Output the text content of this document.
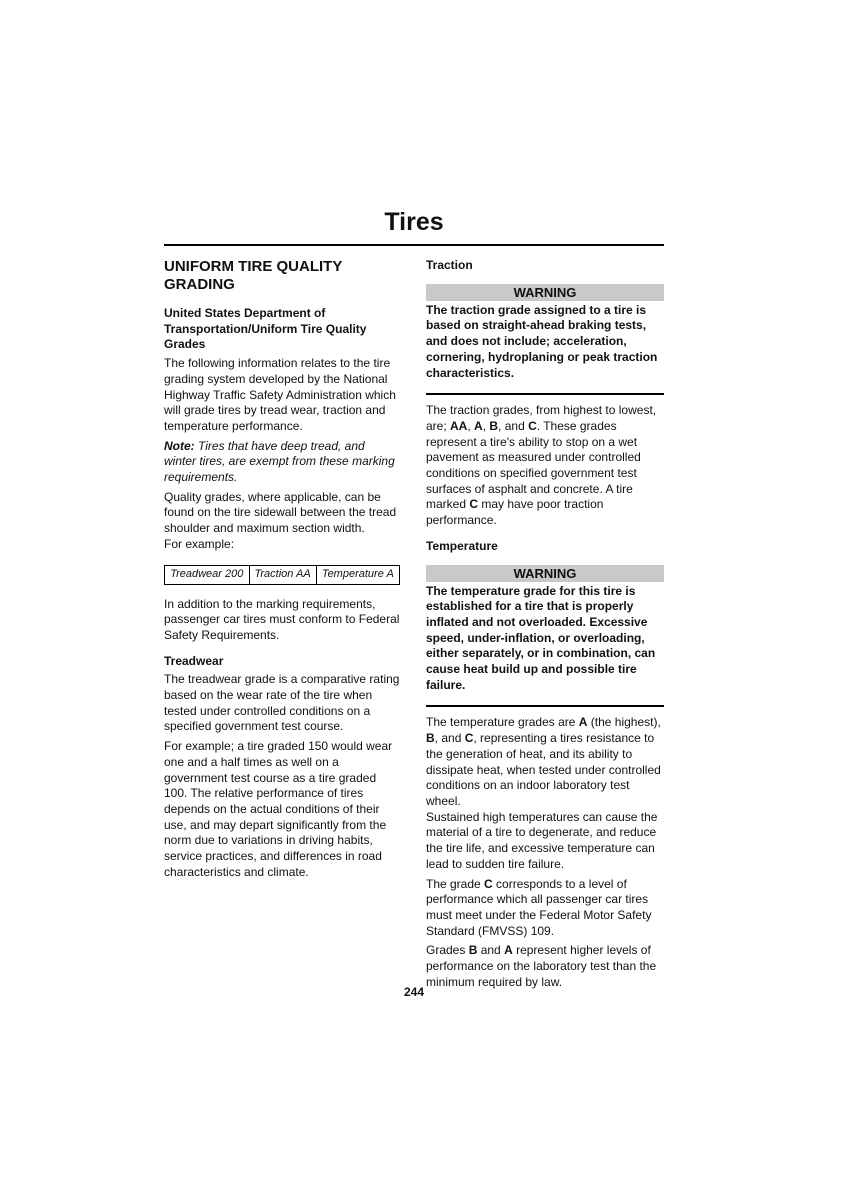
Tires
UNIFORM TIRE QUALITY GRADING
United States Department of Transportation/Uniform Tire Quality Grades

The following information relates to the tire grading system developed by the National Highway Traffic Safety Administration which will grade tires by tread wear, traction and temperature performance.

Note: Tires that have deep tread, and winter tires, are exempt from these marking requirements.

Quality grades, where applicable, can be found on the tire sidewall between the tread shoulder and maximum section width.

For example:

Treadwear 200	Traction AA	Temperature A

In addition to the marking requirements, passenger car tires must conform to Federal Safety Requirements.

Treadwear

The treadwear grade is a comparative rating based on the wear rate of the tire when tested under controlled conditions on a specified government test course.

For example; a tire graded 150 would wear one and a half times as well on a government test course as a tire graded 100. The relative performance of tires depends on the actual conditions of their use, and may depart significantly from the norm due to variations in driving habits, service practices, and differences in road characteristics and climate.

Traction
WARNING
The traction grade assigned to a tire is based on straight-ahead braking tests, and does not include; acceleration, cornering, hydroplaning or peak traction characteristics.

The traction grades, from highest to lowest, are; AA, A, B, and C. These grades represent a tire's ability to stop on a wet pavement as measured under controlled conditions on specified government test surfaces of asphalt and concrete. A tire marked C may have poor traction performance.

Temperature
WARNING
The temperature grade for this tire is established for a tire that is properly inflated and not overloaded. Excessive speed, under-inflation, or overloading, either separately, or in combination, can cause heat build up and possible tire failure.

The temperature grades are A (the highest), B, and C, representing a tires resistance to the generation of heat, and its ability to dissipate heat, when tested under controlled conditions on an indoor laboratory test wheel.

Sustained high temperatures can cause the material of a tire to degenerate, and reduce the tire life, and excessive temperature can lead to sudden tire failure.

The grade C corresponds to a level of performance which all passenger car tires must meet under the Federal Motor Safety Standard (FMVSS) 109.

Grades B and A represent higher levels of performance on the laboratory test than the minimum required by law.

244
